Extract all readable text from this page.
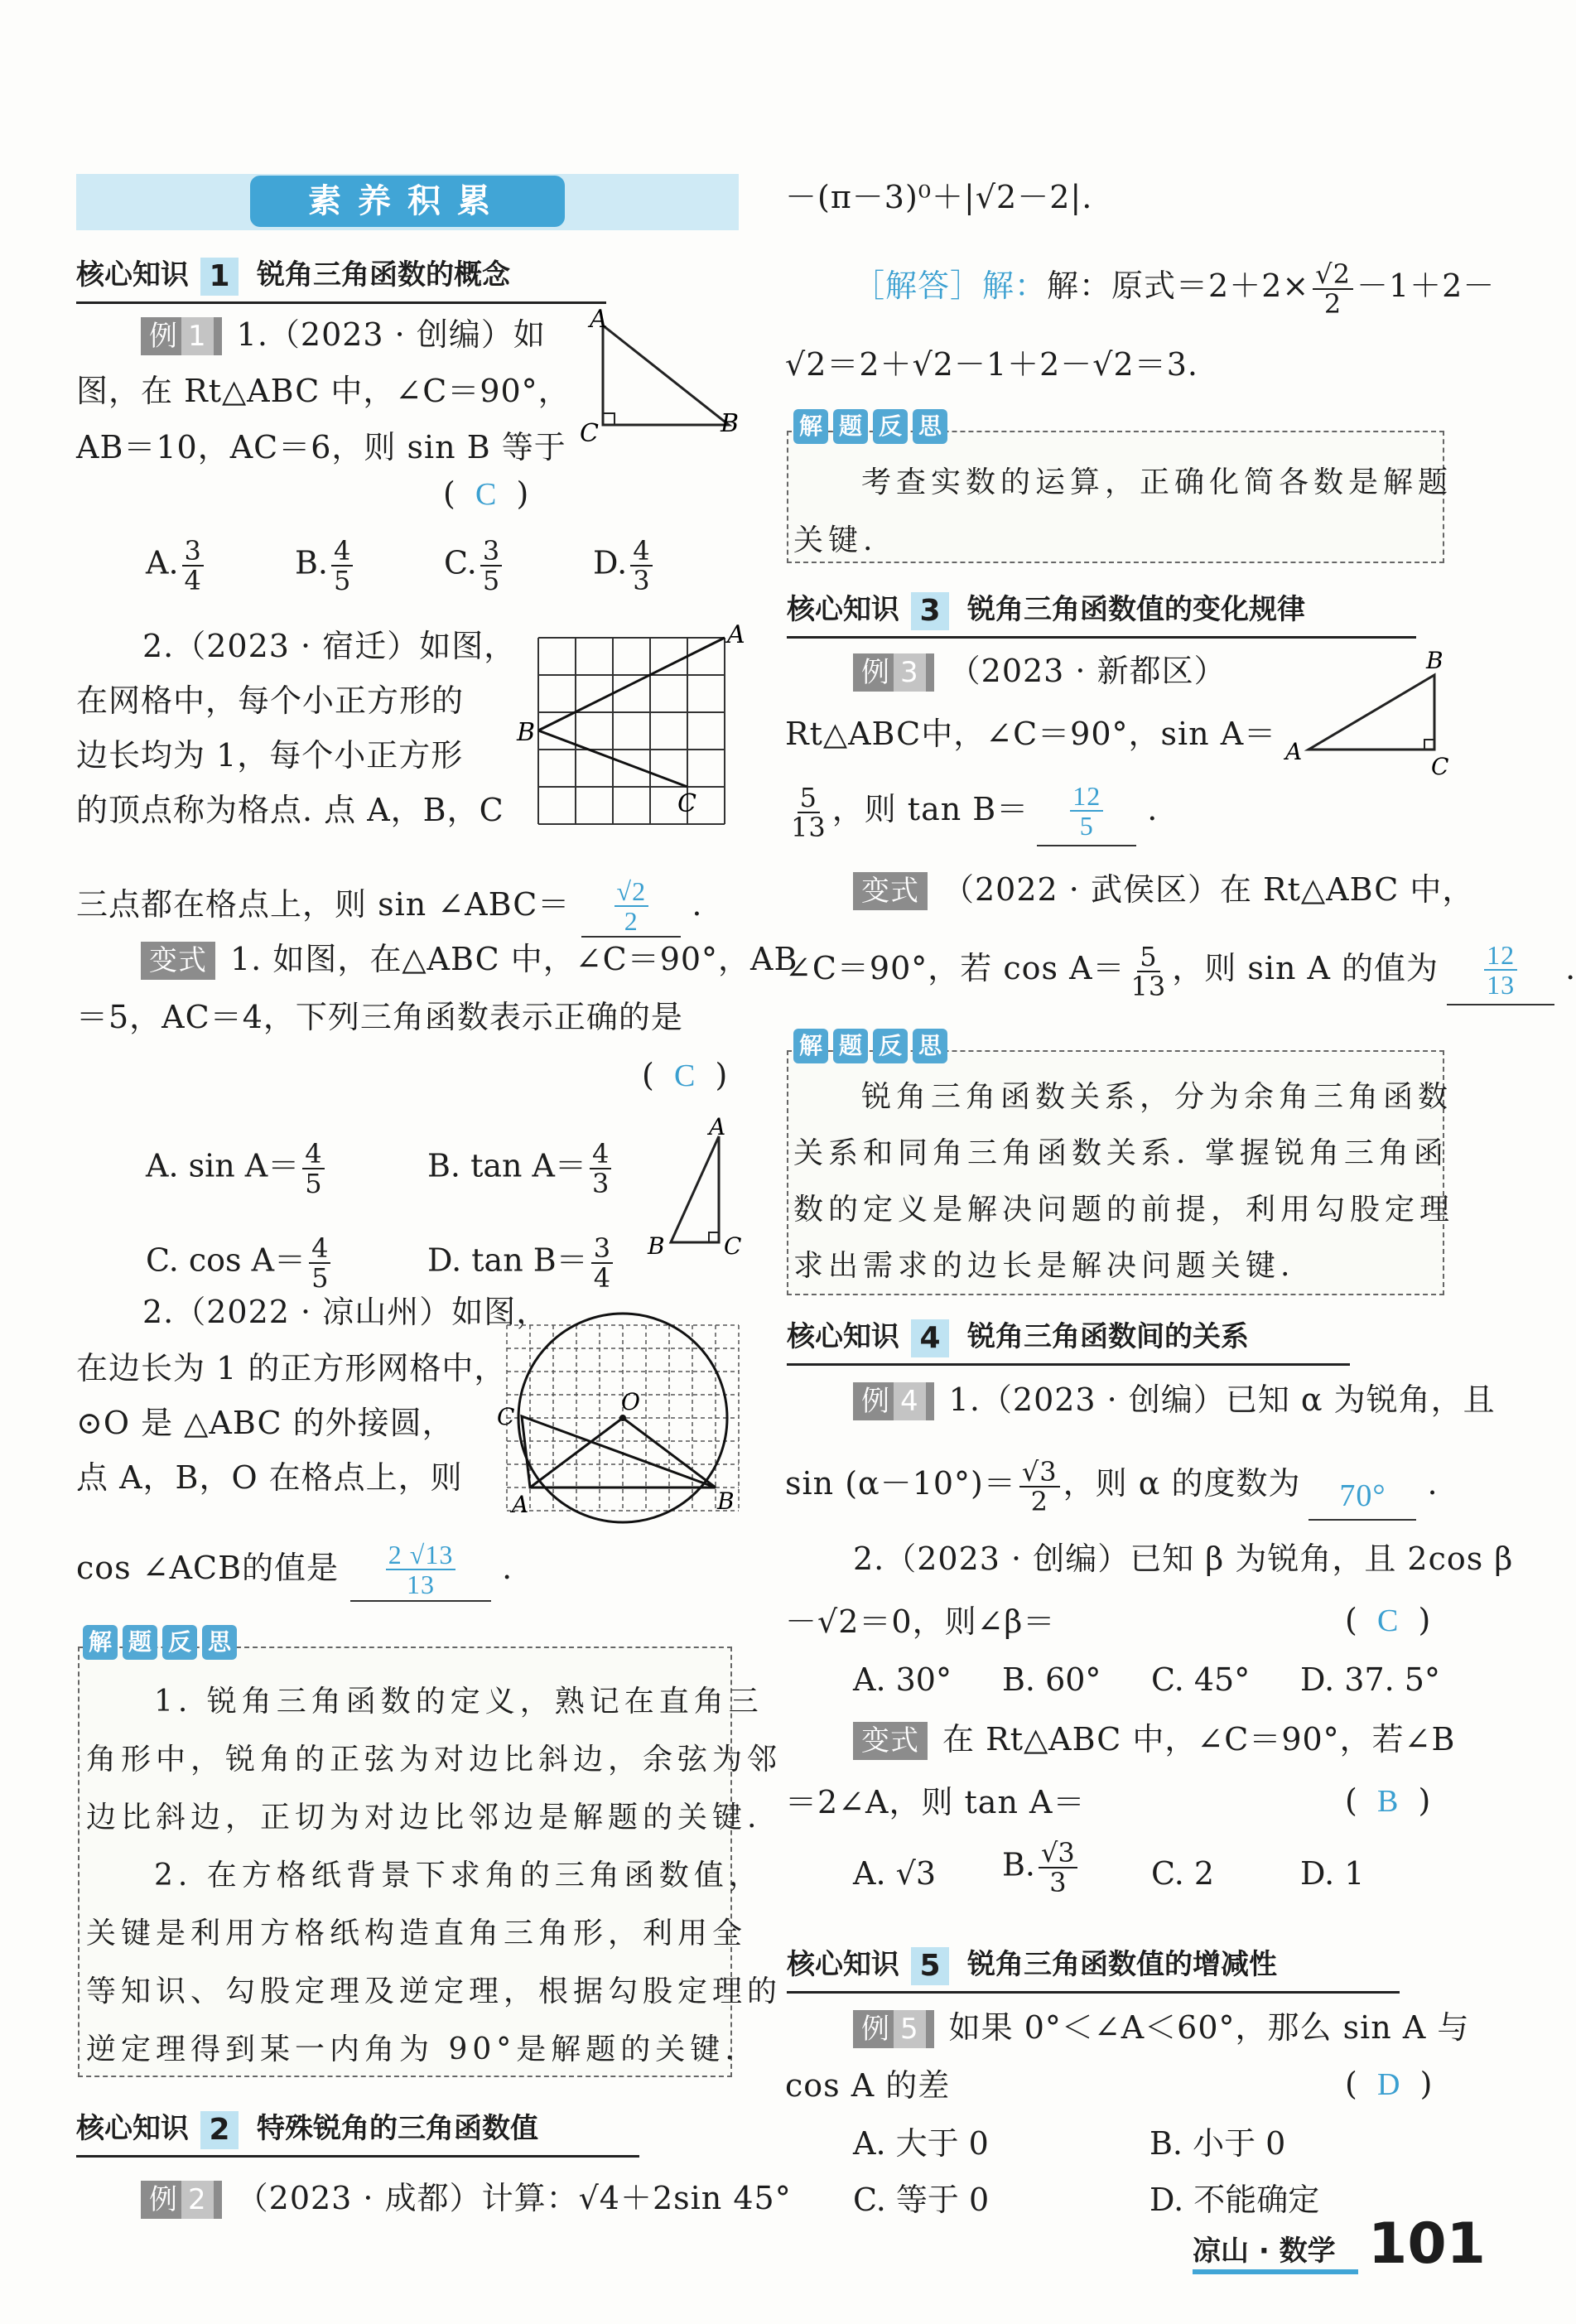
素养积累
核心知识 1 锐角三角函数的概念
例 1 1.（2023 · 创编）如
图，在 Rt△ABC 中，∠C＝90°，
AB＝10，AC＝6，则 sin B 等于
(  C  )
A
B
C
A. $\frac{3}{4}$	B. $\frac{4}{5}$	C. $\frac{3}{5}$	D. $\frac{4}{3}$
2.（2023 · 宿迁）如图，
在网格中，每个小正方形的
边长均为 1，每个小正方形
的顶点称为格点. 点 A，B，C
A
B
C
三点都在格点上，则 sin ∠ABC＝ $\frac{√2}{2}$ .
变式 1. 如图，在△ABC 中，∠C＝90°，AB
＝5，AC＝4，下列三角函数表示正确的是
(  C  )
A. $\sin A= \frac{4}{5}$	B. $\tan A= \frac{4}{3}$
C. $\cos A= \frac{4}{5}$	D. $\tan B= \frac{3}{4}$
A
B	C
2.（2022 · 凉山州）如图，
在边长为 1 的正方形网格中，
⊙O 是 △ABC 的外接圆，
点 A，B，O 在格点上，则
C
O
A	B
cos ∠ACB的值是 $\frac{2 √13}{13}$ .
解 题 反 思
1. 锐角三角函数的定义，熟记在直角三
角形中，锐角的正弦为对边比斜边，余弦为邻
边比斜边，正切为对边比邻边是解题的关键.
2. 在方格纸背景下求角的三角函数值，
关键是利用方格纸构造直角三角形，利用全
等知识、勾股定理及逆定理，根据勾股定理的
逆定理得到某一内角为 90°是解题的关键.
核心知识 2 特殊锐角的三角函数值
例 2 （2023 · 成都）计算：√4＋2sin 45°
－(π－3)⁰＋|√2－2|.
［解答］解：解：原式$=2+2\times \frac{√2}{2} -1+2-$
√2＝2＋√2－1＋2－√2＝3.
解 题 反 思
考查实数的运算，正确化简各数是解题
关键.
核心知识 3 锐角三角函数值的变化规律
例 3 （2023 · 新都区）
Rt△ABC中，∠C＝90°，sin A＝
$\frac{5}{13}$ ，则 $\tan B= \frac{12}{5}$ .
A
B
C
变式 （2022 · 武侯区）在 Rt△ABC 中，
∠C＝90°，若 $\cos A= \frac{5}{13}$ ，则 sin A 的值为 $\frac{12}{13}$ .
解 题 反 思
锐角三角函数关系，分为余角三角函数
关系和同角三角函数关系. 掌握锐角三角函
数的定义是解决问题的前提，利用勾股定理
求出需求的边长是解决问题关键.
核心知识 4 锐角三角函数间的关系
例 4 1.（2023 · 创编）已知 α 为锐角，且
$\sin (\alpha-10^\circ)= \frac{√3}{2}$ ，则 α 的度数为 70° .
2.（2023 · 创编）已知 β 为锐角，且 2cos β
－√2＝0，则∠β＝	(  C  )
A. 30° B. 60° C. 45° D. 37. 5°
变式 在 Rt△ABC 中，∠C＝90°，若∠B
＝2∠A，则 tan A＝	(  B  )
A. √3 B. $\frac{√3}{3} C$. 2	D. 1
核心知识 5 锐角三角函数值的增减性
例 5 如果 0°＜∠A＜60°，那么 sin A 与
cos A 的差	(  D  )
A. 大于 0	B. 小于 0
C. 等于 0	D. 不能确定
凉山 · 数学 101
